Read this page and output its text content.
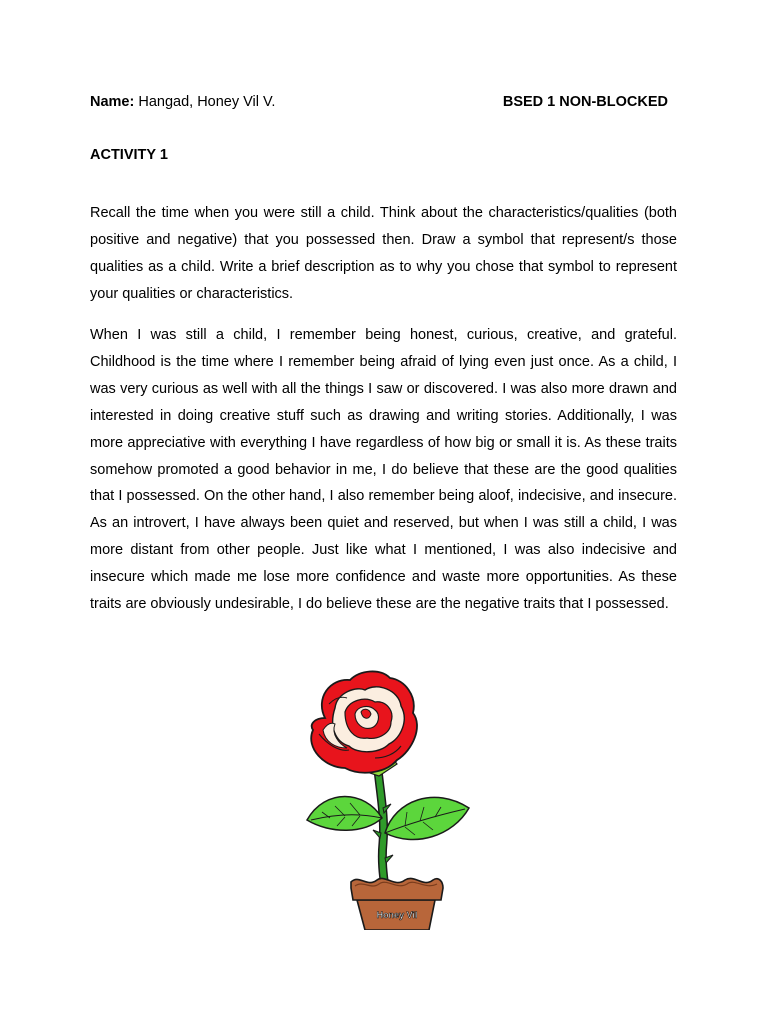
Name: Hangad, Honey Vil V.	BSED 1 NON-BLOCKED
ACTIVITY 1

Recall the time when you were still a child. Think about the characteristics/qualities (both positive and negative) that you possessed then. Draw a symbol that represent/s those qualities as a child. Write a brief description as to why you chose that symbol to represent your qualities or characteristics.

When I was still a child, I remember being honest, curious, creative, and grateful. Childhood is the time where I remember being afraid of lying even just once. As a child, I was very curious as well with all the things I saw or discovered. I was also more drawn and interested in doing creative stuff such as drawing and writing stories. Additionally, I was more appreciative with everything I have regardless of how big or small it is. As these traits somehow promoted a good behavior in me, I do believe that these are the good qualities that I possessed. On the other hand, I also remember being aloof, indecisive, and insecure. As an introvert, I have always been quiet and reserved, but when I was still a child, I was more distant from other people. Just like what I mentioned, I was also indecisive and insecure which made me lose more confidence and waste more opportunities. As these traits are obviously undesirable, I do believe these are the negative traits that I possessed.

Honey Vil
